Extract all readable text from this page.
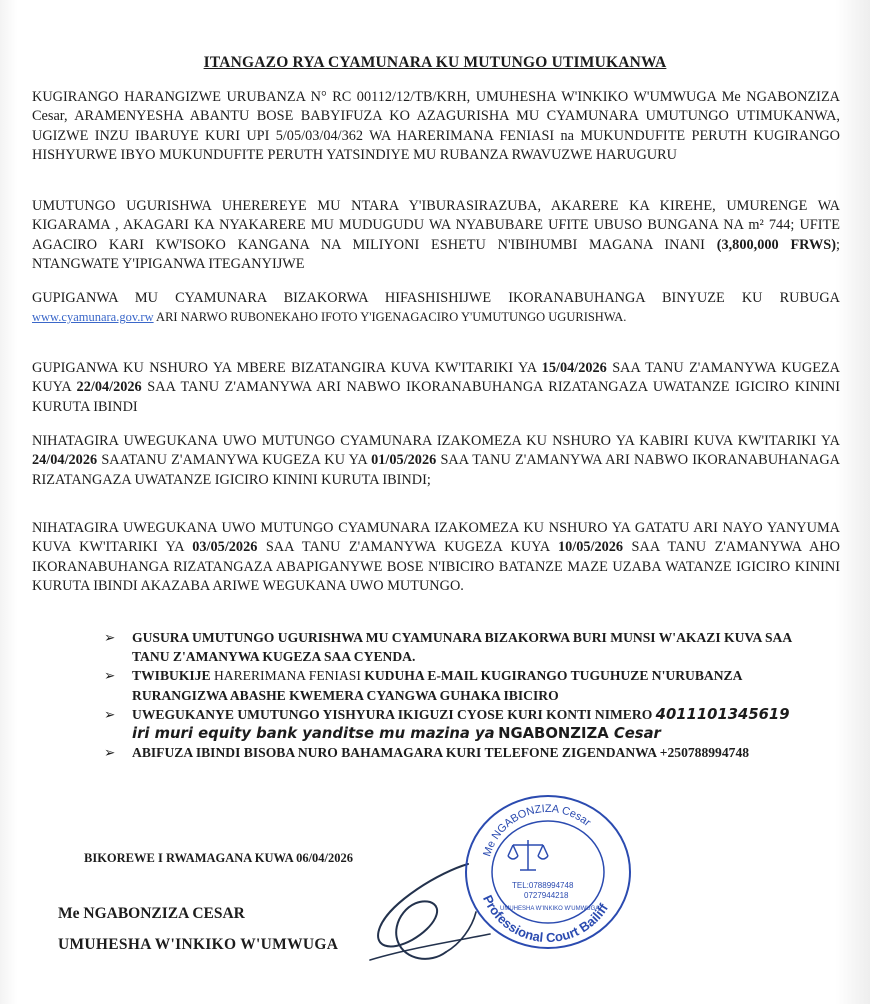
ITANGAZO RYA CYAMUNARA KU MUTUNGO UTIMUKANWA
KUGIRANGO HARANGIZWE URUBANZA N° RC 00112/12/TB/KRH, UMUHESHA W'INKIKO W'UMWUGA Me NGABONZIZA Cesar, ARAMENYESHA ABANTU BOSE BABYIFUZA KO AZAGURISHA MU CYAMUNARA UMUTUNGO UTIMUKANWA, UGIZWE INZU IBARUYE KURI UPI 5/05/03/04/362 WA HARERIMANA FENIASI na MUKUNDUFITE PERUTH KUGIRANGO HISHYURWE IBYO MUKUNDUFITE PERUTH YATSINDIYE MU RUBANZA RWAVUZWE HARUGURU
UMUTUNGO UGURISHWA UHEREREYE MU NTARA Y'IBURASIRAZUBA, AKARERE KA KIREHE, UMURENGE WA KIGARAMA , AKAGARI KA NYAKARERE MU MUDUGUDU WA NYABUBARE UFITE UBUSO BUNGANA NA m² 744; UFITE AGACIRO KARI KW'ISOKO KANGANA NA MILIYONI ESHETU N'IBIHUMBI MAGANA INANI (3,800,000 FRWS); NTANGWATE Y'IPIGANWA ITEGANYIJWE
GUPIGANWA MU CYAMUNARA BIZAKORWA HIFASHISHIJWE IKORANABUHANGA BINYUZE KU RUBUGA www.cyamunara.gov.rw ARI NARWO RUBONEKAHO IFOTO Y'IGENAGACIRO Y'UMUTUNGO UGURISHWA.
GUPIGANWA KU NSHURO YA MBERE BIZATANGIRA KUVA KW'ITARIKI YA 15/04/2026 SAA TANU Z'AMANYWA KUGEZA KUYA 22/04/2026 SAA TANU Z'AMANYWA ARI NABWO IKORANABUHANGA RIZATANGAZA UWATANZE IGICIRO KININI KURUTA IBINDI
NIHATAGIRA UWEGUKANA UWO MUTUNGO CYAMUNARA IZAKOMEZA KU NSHURO YA KABIRI KUVA KW'ITARIKI YA 24/04/2026 SAATANU Z'AMANYWA KUGEZA KU YA 01/05/2026 SAA TANU Z'AMANYWA ARI NABWO IKORANABUHANAGA RIZATANGAZA UWATANZE IGICIRO KININI KURUTA IBINDI;
NIHATAGIRA UWEGUKANA UWO MUTUNGO CYAMUNARA IZAKOMEZA KU NSHURO YA GATATU ARI NAYO YANYUMA KUVA KW'ITARIKI YA 03/05/2026 SAA TANU Z'AMANYWA KUGEZA KUYA 10/05/2026 SAA TANU Z'AMANYWA AHO IKORANABUHANGA RIZATANGAZA ABAPIGANYWE BOSE N'IBICIRO BATANZE MAZE UZABA WATANZE IGICIRO KININI KURUTA IBINDI AKAZABA ARIWE WEGUKANA UWO MUTUNGO.
➢ GUSURA UMUTUNGO UGURISHWA MU CYAMUNARA BIZAKORWA BURI MUNSI W'AKAZI KUVA SAA TANU Z'AMANYWA KUGEZA SAA CYENDA.
➢ TWIBUKIJE HARERIMANA FENIASI KUDUHA E-MAIL KUGIRANGO TUGUHUZE N'URUBANZA RURANGIZWA ABASHE KWEMERA CYANGWA GUHAKA IBICIRO
➢ UWEGUKANYE UMUTUNGO YISHYURA IKIGUZI CYOSE KURI KONTI NIMERO 4011101345619 iri muri equity bank yanditse mu mazina ya NGABONZIZA Cesar
➢ ABIFUZA IBINDI BISOBA NURO BAHAMAGARA KURI TELEFONE ZIGENDANWA +250788994748
BIKOREWE I RWAMAGANA KUWA 06/04/2026
Me NGABONZIZA CESAR
UMUHESHA W'INKIKO W'UMWUGA
Me NGABONZIZA Cesar
Professional Court Bailiff
TEL:0788994748
0727944218
UMUHESHA W'INKIKO W'UMWUGA
